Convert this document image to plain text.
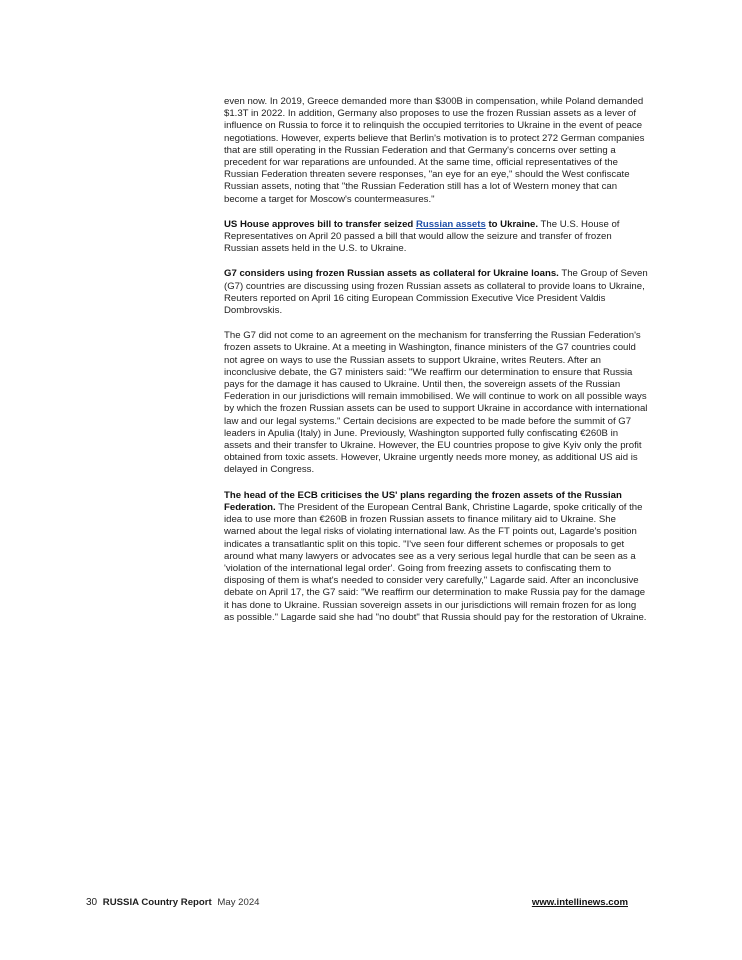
even now. In 2019, Greece demanded more than $300B in compensation, while Poland demanded $1.3T in 2022. In addition, Germany also proposes to use the frozen Russian assets as a lever of influence on Russia to force it to relinquish the occupied territories to Ukraine in the event of peace negotiations. However, experts believe that Berlin's motivation is to protect 272 German companies that are still operating in the Russian Federation and that Germany's concerns over setting a precedent for war reparations are unfounded. At the same time, official representatives of the Russian Federation threaten severe responses, "an eye for an eye," should the West confiscate Russian assets, noting that "the Russian Federation still has a lot of Western money that can become a target for Moscow's countermeasures."

US House approves bill to transfer seized Russian assets to Ukraine. The U.S. House of Representatives on April 20 passed a bill that would allow the seizure and transfer of frozen Russian assets held in the U.S. to Ukraine.

G7 considers using frozen Russian assets as collateral for Ukraine loans. The Group of Seven (G7) countries are discussing using frozen Russian assets as collateral to provide loans to Ukraine, Reuters reported on April 16 citing European Commission Executive Vice President Valdis Dombrovskis.

The G7 did not come to an agreement on the mechanism for transferring the Russian Federation's frozen assets to Ukraine. At a meeting in Washington, finance ministers of the G7 countries could not agree on ways to use the Russian assets to support Ukraine, writes Reuters. After an inconclusive debate, the G7 ministers said: "We reaffirm our determination to ensure that Russia pays for the damage it has caused to Ukraine. Until then, the sovereign assets of the Russian Federation in our jurisdictions will remain immobilised. We will continue to work on all possible ways by which the frozen Russian assets can be used to support Ukraine in accordance with international law and our legal systems." Certain decisions are expected to be made before the summit of G7 leaders in Apulia (Italy) in June. Previously, Washington supported fully confiscating €260B in assets and their transfer to Ukraine. However, the EU countries propose to give Kyiv only the profit obtained from toxic assets. However, Ukraine urgently needs more money, as additional US aid is delayed in Congress.

The head of the ECB criticises the US' plans regarding the frozen assets of the Russian Federation. The President of the European Central Bank, Christine Lagarde, spoke critically of the idea to use more than €260B in frozen Russian assets to finance military aid to Ukraine. She warned about the legal risks of violating international law. As the FT points out, Lagarde's position indicates a transatlantic split on this topic. "I've seen four different schemes or proposals to get around what many lawyers or advocates see as a very serious legal hurdle that can be seen as a 'violation of the international legal order'. Going from freezing assets to confiscating them to disposing of them is what's needed to consider very carefully," Lagarde said. After an inconclusive debate on April 17, the G7 said: "We reaffirm our determination to make Russia pay for the damage it has done to Ukraine. Russian sovereign assets in our jurisdictions will remain frozen for as long as possible." Lagarde said she had "no doubt" that Russia should pay for the restoration of Ukraine.

30 RUSSIA Country Report May 2024	www.intellinews.com
